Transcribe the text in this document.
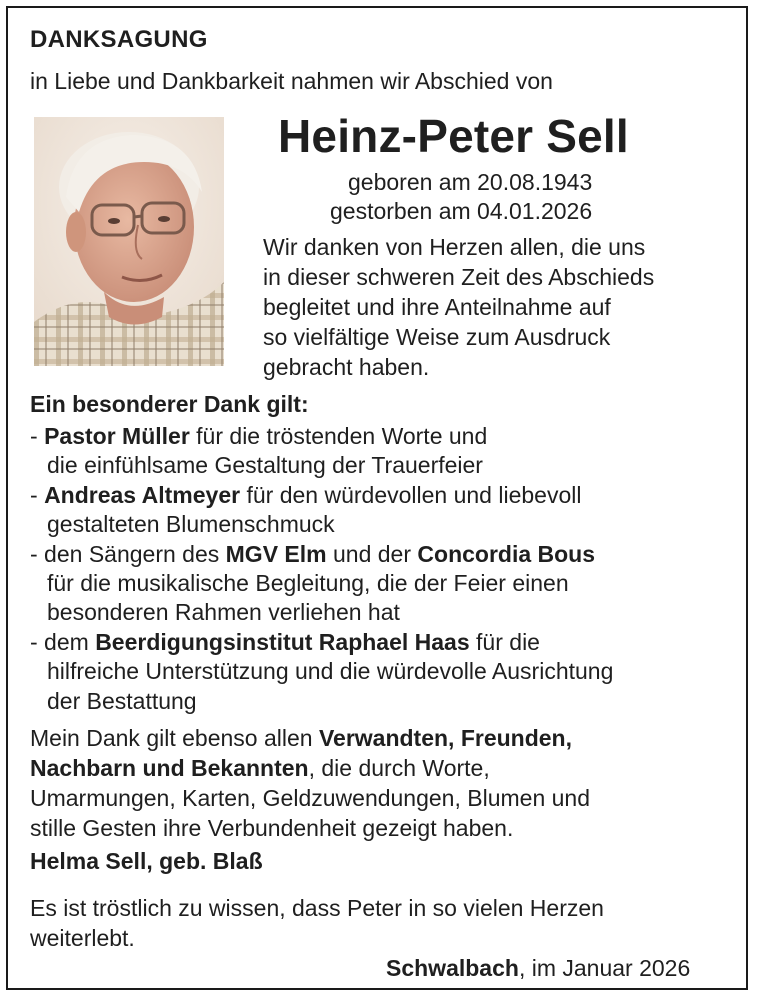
DANKSAGUNG
in Liebe und Dankbarkeit nahmen wir Abschied von
Heinz-Peter Sell
geboren am 20.08.1943
gestorben am 04.01.2026
Wir danken von Herzen allen, die uns
in dieser schweren Zeit des Abschieds
begleitet und ihre Anteilnahme auf
so vielfältige Weise zum Ausdruck
gebracht haben.
Ein besonderer Dank gilt:
- Pastor Müller für die tröstenden Worte und
die einfühlsame Gestaltung der Trauerfeier
- Andreas Altmeyer für den würdevollen und liebevoll
gestalteten Blumenschmuck
- den Sängern des MGV Elm und der Concordia Bous
für die musikalische Begleitung, die der Feier einen
besonderen Rahmen verliehen hat
- dem Beerdigungsinstitut Raphael Haas für die
hilfreiche Unterstützung und die würdevolle Ausrichtung
der Bestattung
Mein Dank gilt ebenso allen Verwandten, Freunden,
Nachbarn und Bekannten, die durch Worte,
Umarmungen, Karten, Geldzuwendungen, Blumen und
stille Gesten ihre Verbundenheit gezeigt haben.
Helma Sell, geb. Blaß
Es ist tröstlich zu wissen, dass Peter in so vielen Herzen
weiterlebt.
Schwalbach, im Januar 2026
